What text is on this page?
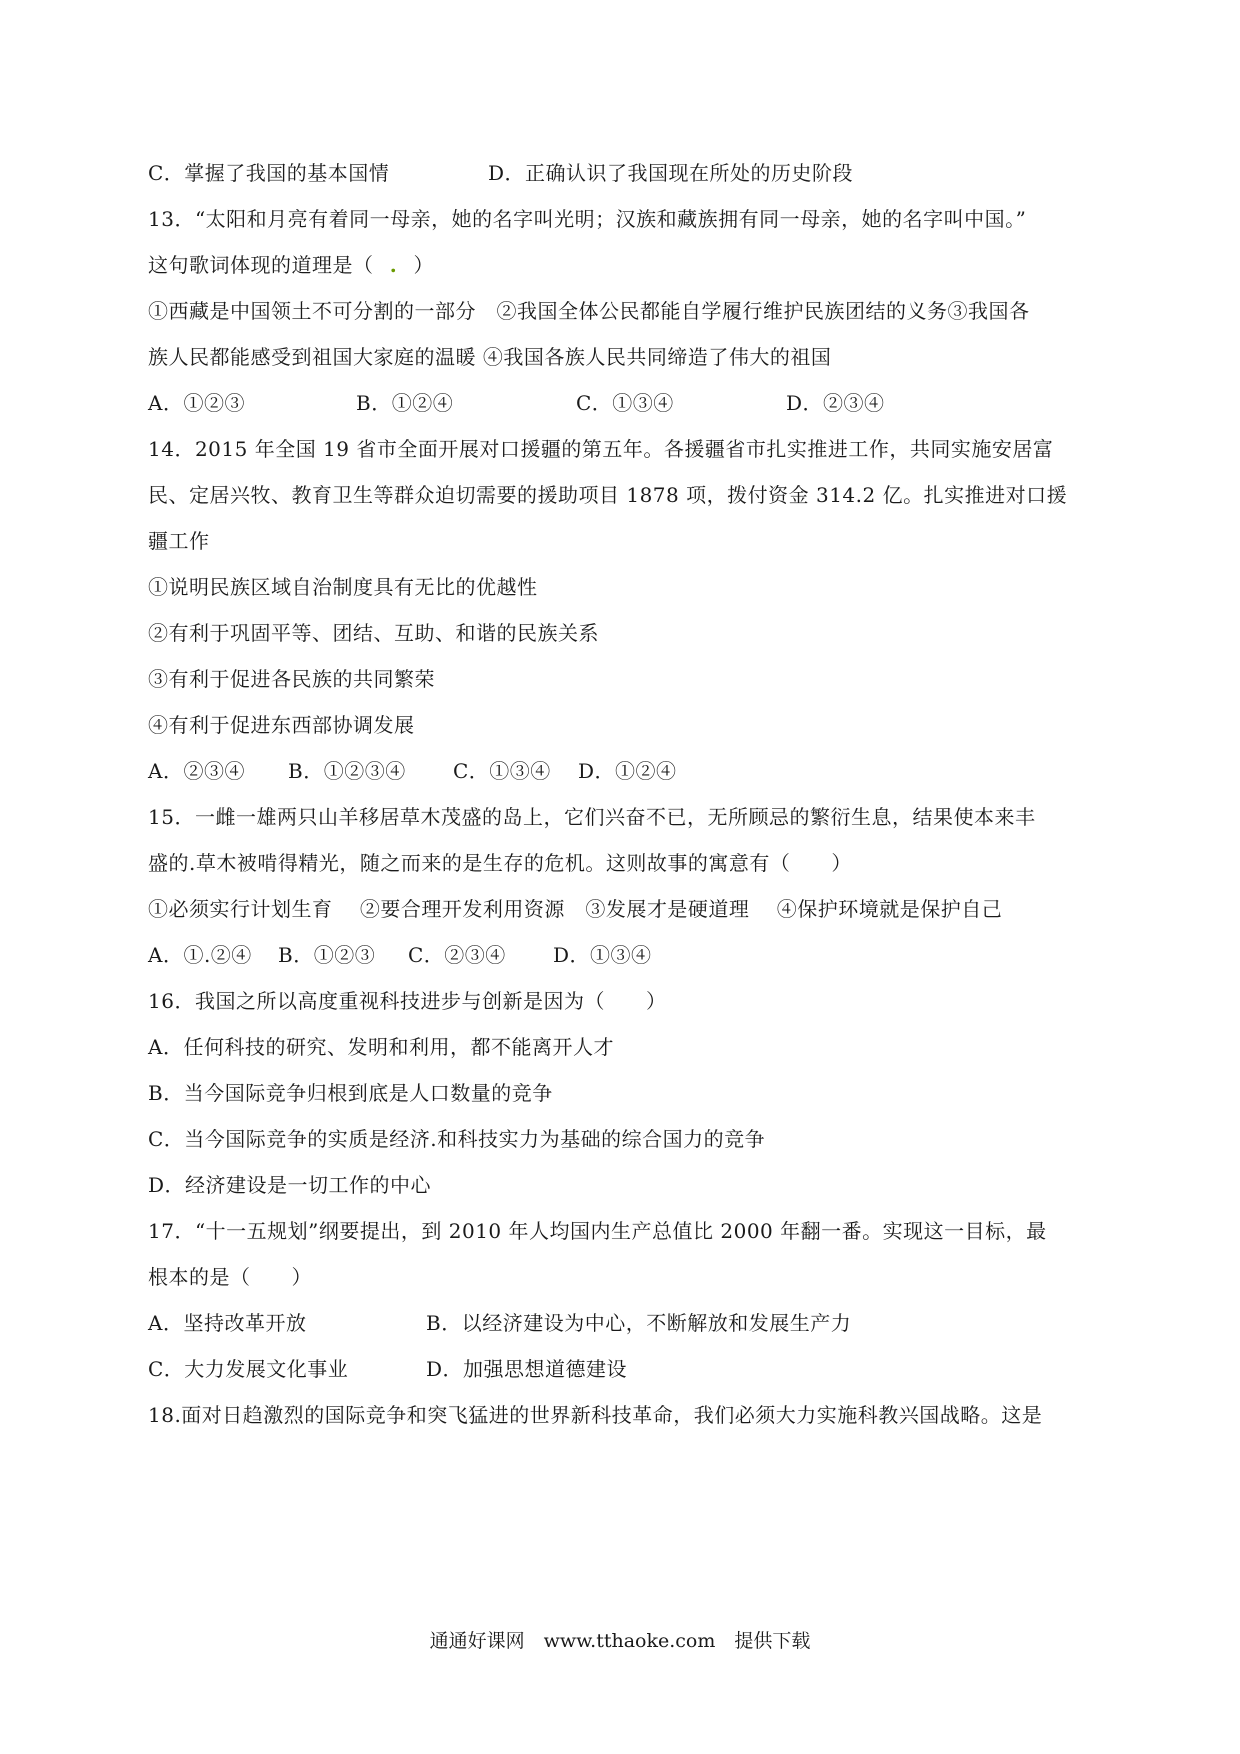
C．掌握了我国的基本国情	D．正确认识了我国现在所处的历史阶段
13．“太阳和月亮有着同一母亲，她的名字叫光明；汉族和藏族拥有同一母亲，她的名字叫中国。”
这句歌词体现的道理是（ . ）
①西藏是中国领土不可分割的一部分　②我国全体公民都能自学履行维护民族团结的义务③我国各
族人民都能感受到祖国大家庭的温暖 ④我国各族人民共同缔造了伟大的祖国
A．①②③	B．①②④	C．①③④	D．②③④
14．2015 年全国 19 省市全面开展对口援疆的第五年。各援疆省市扎实推进工作，共同实施安居富
民、定居兴牧、教育卫生等群众迫切需要的援助项目 1878 项，拨付资金 314.2 亿。扎实推进对口援
疆工作
①说明民族区域自治制度具有无比的优越性
②有利于巩固平等、团结、互助、和谐的民族关系
③有利于促进各民族的共同繁荣
④有利于促进东西部协调发展
A．②③④ B．①②③④ C．①③④ D．①②④
15．一雌一雄两只山羊移居草木茂盛的岛上，它们兴奋不已，无所顾忌的繁衍生息，结果使本来丰
盛的.草木被啃得精光，随之而来的是生存的危机。这则故事的寓意有（　　）
①必须实行计划生育　 ②要合理开发利用资源　③发展才是硬道理　 ④保护环境就是保护自己
A．①.②④ B．①②③ C．②③④ D．①③④
16．我国之所以高度重视科技进步与创新是因为（　　）
A．任何科技的研究、发明和利用，都不能离开人才
B．当今国际竞争归根到底是人口数量的竞争
C．当今国际竞争的实质是经济.和科技实力为基础的综合国力的竞争
D．经济建设是一切工作的中心
17．“十一五规划”纲要提出，到 2010 年人均国内生产总值比 2000 年翻一番。实现这一目标，最
根本的是（　　）
A．坚持改革开放	B．以经济建设为中心，不断解放和发展生产力
C．大力发展文化事业	D．加强思想道德建设
18.面对日趋激烈的国际竞争和突飞猛进的世界新科技革命，我们必须大力实施科教兴国战略。这是
通通好课网　www.tthaoke.com　提供下载
